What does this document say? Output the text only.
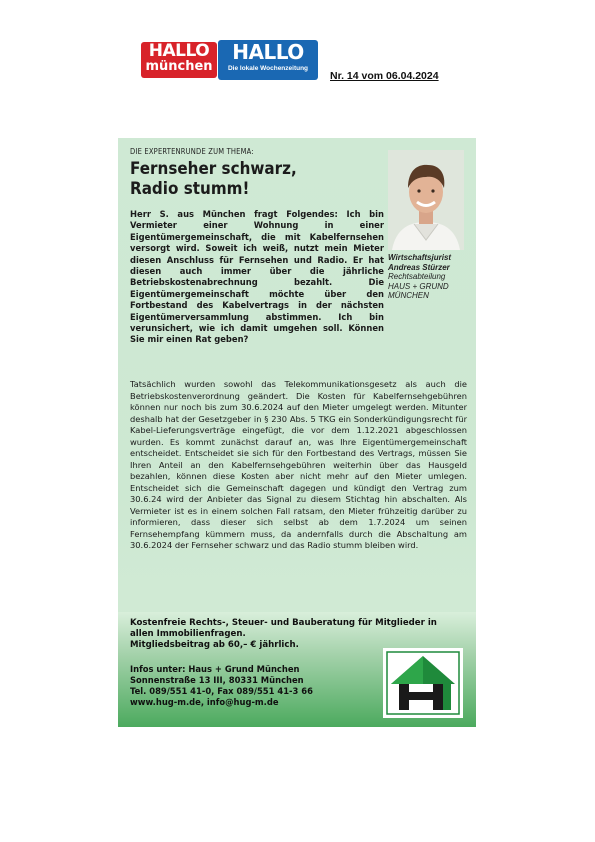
HALLO
münchen
HALLO
Die lokale Wochenzeitung
Nr. 14 vom 06.04.2024
DIE EXPERTENRUNDE ZUM THEMA:
Fernseher schwarz,
Radio stumm!
Wirtschaftsjurist
Andreas Stürzer
Rechtsabteilung
HAUS + GRUND
MÜNCHEN
Herr S. aus München fragt Folgendes: Ich bin Vermieter einer Wohnung in einer Eigentümergemeinschaft, die mit Kabelfernsehen versorgt wird. Soweit ich weiß, nutzt mein Mieter diesen Anschluss für Fernsehen und Radio. Er hat diesen auch immer über die jährliche Betriebskostenabrechnung bezahlt. Die Eigentümergemeinschaft möchte über den Fortbestand des Kabelvertrags in der nächsten Eigentümerversammlung abstimmen. Ich bin verunsichert, wie ich damit umgehen soll. Können Sie mir einen Rat geben?
Tatsächlich wurden sowohl das Telekommunikationsgesetz als auch die Betriebskostenverordnung geändert. Die Kosten für Kabelfernsehgebühren können nur noch bis zum 30.6.2024 auf den Mieter umgelegt werden. Mitunter deshalb hat der Gesetzgeber in § 230 Abs. 5 TKG ein Sonderkündigungsrecht für Kabel-Lieferungsverträge eingefügt, die vor dem 1.12.2021 abgeschlossen wurden. Es kommt zunächst darauf an, was Ihre Eigentümergemeinschaft entscheidet. Entscheidet sie sich für den Fortbestand des Vertrags, müssen Sie Ihren Anteil an den Kabelfernsehgebühren weiterhin über das Hausgeld bezahlen, können diese Kosten aber nicht mehr auf den Mieter umlegen. Entscheidet sich die Gemeinschaft dagegen und kündigt den Vertrag zum 30.6.24 wird der Anbieter das Signal zu diesem Stichtag hin abschalten. Als Vermieter ist es in einem solchen Fall ratsam, den Mieter frühzeitig darüber zu informieren, dass dieser sich selbst ab dem 1.7.2024 um seinen Fernsehempfang kümmern muss, da andernfalls durch die Abschaltung am 30.6.2024 der Fernseher schwarz und das Radio stumm bleiben wird.
Kostenfreie Rechts-, Steuer- und Bauberatung für Mitglieder in
allen Immobilienfragen.
Mitgliedsbeitrag ab 60,– € jährlich.
Infos unter: Haus + Grund München
Sonnenstraße 13 III, 80331 München
Tel. 089/551 41-0, Fax 089/551 41-3 66
www.hug-m.de, info@hug-m.de
